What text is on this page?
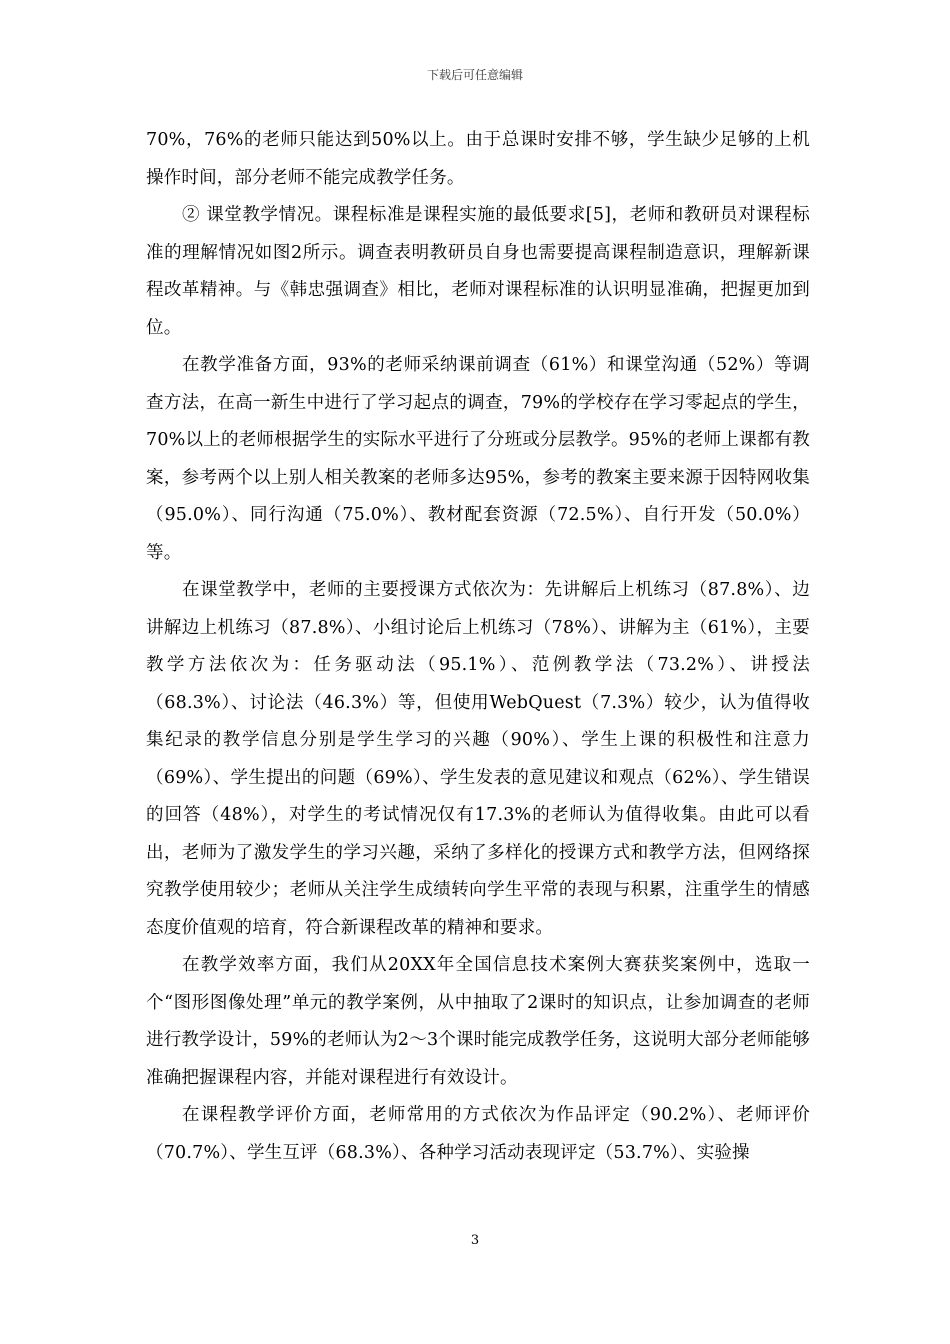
下载后可任意编辑

70%，76%的老师只能达到50%以上。由于总课时安排不够，学生缺少足够的上机操作时间，部分老师不能完成教学任务。

② 课堂教学情况。课程标准是课程实施的最低要求[5]，老师和教研员对课程标准的理解情况如图2所示。调查表明教研员自身也需要提高课程制造意识，理解新课程改革精神。与《韩忠强调查》相比，老师对课程标准的认识明显准确，把握更加到位。

在教学准备方面，93%的老师采纳课前调查（61%）和课堂沟通（52%）等调查方法，在高一新生中进行了学习起点的调查，79%的学校存在学习零起点的学生，70%以上的老师根据学生的实际水平进行了分班或分层教学。95%的老师上课都有教案，参考两个以上别人相关教案的老师多达95%，参考的教案主要来源于因特网收集（95.0%）、同行沟通（75.0%）、教材配套资源（72.5%）、自行开发（50.0%）等。

在课堂教学中，老师的主要授课方式依次为：先讲解后上机练习（87.8%）、边讲解边上机练习（87.8%）、小组讨论后上机练习（78%）、讲解为主（61%），主要教学方法依次为：任务驱动法（95.1%）、范例教学法（73.2%）、讲授法（68.3%）、讨论法（46.3%）等，但使用WebQuest（7.3%）较少，认为值得收集纪录的教学信息分别是学生学习的兴趣（90%）、学生上课的积极性和注意力（69%）、学生提出的问题（69%）、学生发表的意见建议和观点（62%）、学生错误的回答（48%），对学生的考试情况仅有17.3%的老师认为值得收集。由此可以看出，老师为了激发学生的学习兴趣，采纳了多样化的授课方式和教学方法，但网络探究教学使用较少；老师从关注学生成绩转向学生平常的表现与积累，注重学生的情感态度价值观的培育，符合新课程改革的精神和要求。

在教学效率方面，我们从20XX年全国信息技术案例大赛获奖案例中，选取一个“图形图像处理”单元的教学案例，从中抽取了2课时的知识点，让参加调查的老师进行教学设计，59%的老师认为2～3个课时能完成教学任务，这说明大部分老师能够准确把握课程内容，并能对课程进行有效设计。

在课程教学评价方面，老师常用的方式依次为作品评定（90.2%）、老师评价（70.7%）、学生互评（68.3%）、各种学习活动表现评定（53.7%）、实验操

3
